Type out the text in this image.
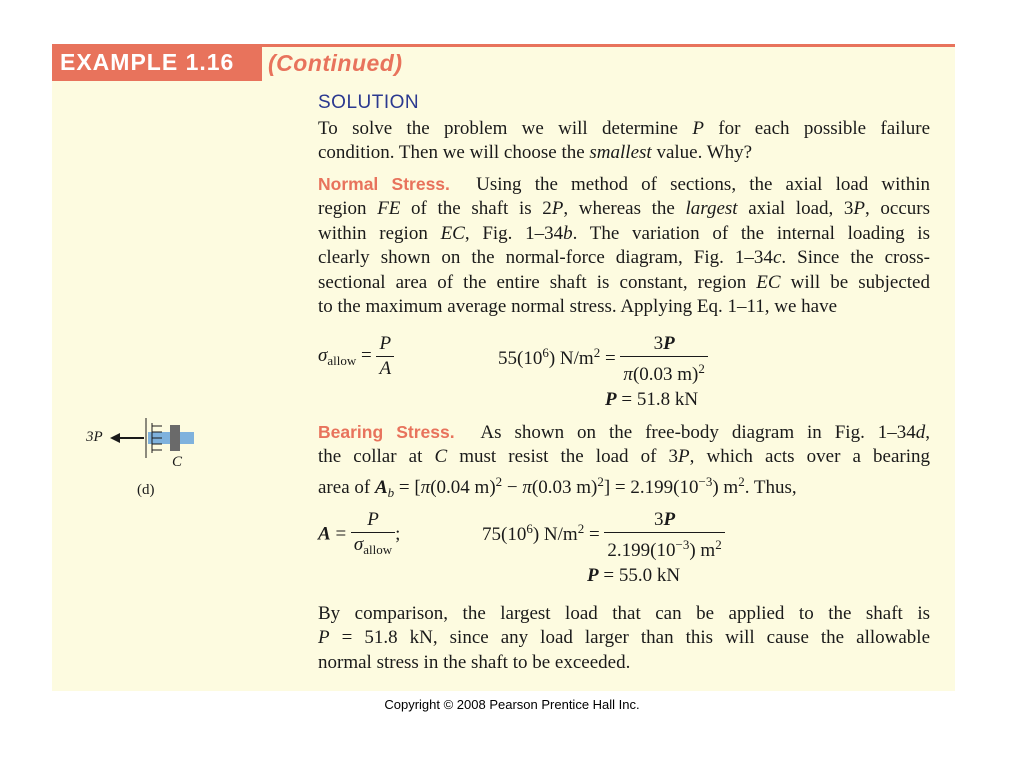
EXAMPLE 1.16 (Continued)
SOLUTION
To solve the problem we will determine P for each possible failure
condition. Then we will choose the smallest value. Why?
Normal Stress.  Using the method of sections, the axial load within
region FE of the shaft is 2P, whereas the largest axial load, 3P, occurs
within region EC, Fig. 1–34b. The variation of the internal loading is
clearly shown on the normal-force diagram, Fig. 1–34c. Since the cross-
sectional area of the entire shaft is constant, region EC will be subjected
to the maximum average normal stress. Applying Eq. 1–11, we have
$\sigma_{allow} = \frac{P}{A}$	$55(10^6) N/m^2 = \frac{3P}{\pi(0.03 m)^2}$
P = 51.8 kN
Bearing Stress.  As shown on the free-body diagram in Fig. 1–34d,
the collar at C must resist the load of 3P, which acts over a bearing
area of $A_b = [\pi(0.04$ m)$^2$ − π(0.03 $m)^2] = 2.199(10^{-3})$ $m^2$. Thus,
$A = \frac{P}{\sigma_{allow}}$ ;	$75(10^6) N/m^2 = \frac{3P}{2.199(10^{-3}) m^2}$
P = 55.0 kN
By comparison, the largest load that can be applied to the shaft is
P = 51.8 kN, since any load larger than this will cause the allowable
normal stress in the shaft to be exceeded.
3P
C
(d)
Copyright © 2008 Pearson Prentice Hall Inc.
